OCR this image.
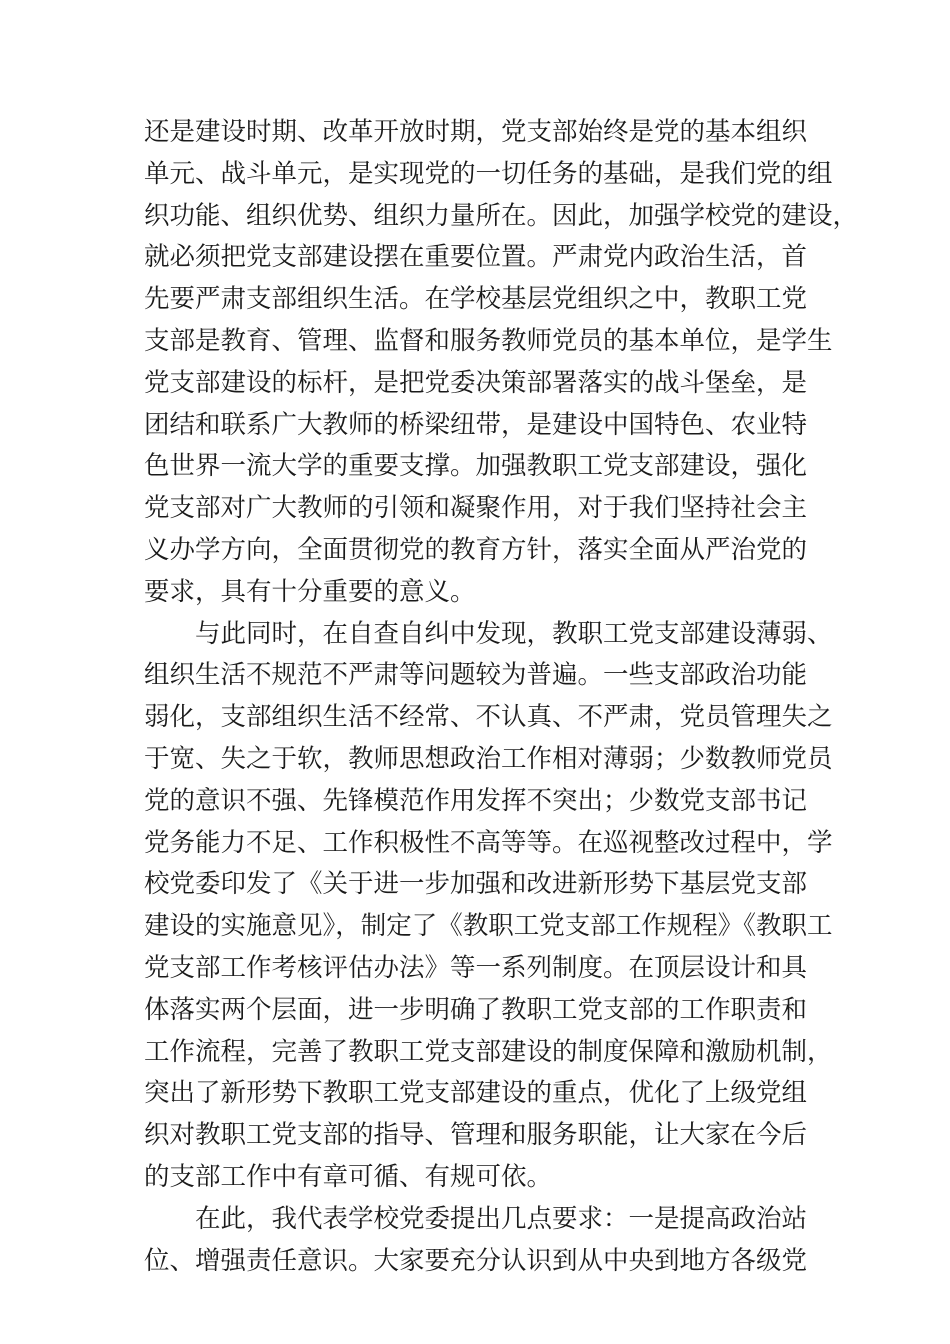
还是建设时期、改革开放时期，党支部始终是党的基本组织
单元、战斗单元，是实现党的一切任务的基础，是我们党的组
织功能、组织优势、组织力量所在。因此，加强学校党的建设，
就必须把党支部建设摆在重要位置。严肃党内政治生活，首
先要严肃支部组织生活。在学校基层党组织之中，教职工党
支部是教育、管理、监督和服务教师党员的基本单位，是学生
党支部建设的标杆，是把党委决策部署落实的战斗堡垒，是
团结和联系广大教师的桥梁纽带，是建设中国特色、农业特
色世界一流大学的重要支撑。加强教职工党支部建设，强化
党支部对广大教师的引领和凝聚作用，对于我们坚持社会主
义办学方向，全面贯彻党的教育方针，落实全面从严治党的
要求，具有十分重要的意义。
与此同时，在自查自纠中发现，教职工党支部建设薄弱、
组织生活不规范不严肃等问题较为普遍。一些支部政治功能
弱化，支部组织生活不经常、不认真、不严肃，党员管理失之
于宽、失之于软，教师思想政治工作相对薄弱；少数教师党员
党的意识不强、先锋模范作用发挥不突出；少数党支部书记
党务能力不足、工作积极性不高等等。在巡视整改过程中，学
校党委印发了《关于进一步加强和改进新形势下基层党支部
建设的实施意见》，制定了《教职工党支部工作规程》《教职工
党支部工作考核评估办法》等一系列制度。在顶层设计和具
体落实两个层面，进一步明确了教职工党支部的工作职责和
工作流程，完善了教职工党支部建设的制度保障和激励机制，
突出了新形势下教职工党支部建设的重点，优化了上级党组
织对教职工党支部的指导、管理和服务职能，让大家在今后
的支部工作中有章可循、有规可依。
在此，我代表学校党委提出几点要求：一是提高政治站
位、增强责任意识。大家要充分认识到从中央到地方各级党
